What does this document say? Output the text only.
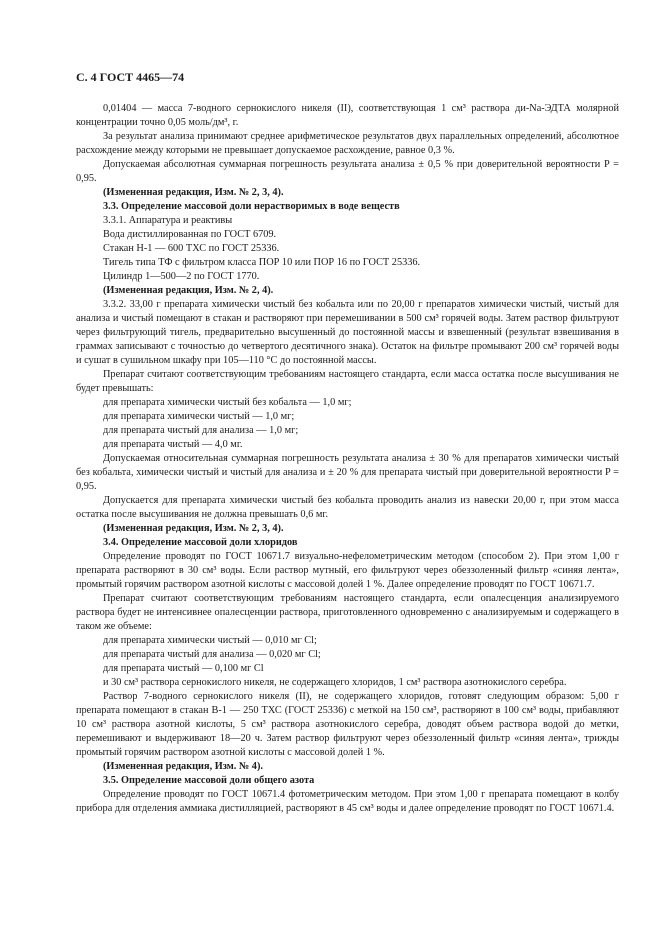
С. 4 ГОСТ 4465—74

0,01404 — масса 7-водного сернокислого никеля (II), соответствующая 1 см³ раствора ди-Na-ЭДТА молярной концентрации точно 0,05 моль/дм³, г.

За результат анализа принимают среднее арифметическое результатов двух параллельных определений, абсолютное расхождение между которыми не превышает допускаемое расхождение, равное 0,3 %.

Допускаемая абсолютная суммарная погрешность результата анализа ± 0,5 % при доверительной вероятности P = 0,95.

(Измененная редакция, Изм. № 2, 3, 4).

3.3. Определение массовой доли нерастворимых в воде веществ

3.3.1. Аппаратура и реактивы

Вода дистиллированная по ГОСТ 6709.

Стакан Н-1 — 600 ТХС по ГОСТ 25336.

Тигель типа ТФ с фильтром класса ПОР 10 или ПОР 16 по ГОСТ 25336.

Цилиндр 1—500—2 по ГОСТ 1770.

(Измененная редакция, Изм. № 2, 4).

3.3.2. 33,00 г препарата химически чистый без кобальта или по 20,00 г препаратов химически чистый, чистый для анализа и чистый помещают в стакан и растворяют при перемешивании в 500 см³ горячей воды. Затем раствор фильтруют через фильтрующий тигель, предварительно высушенный до постоянной массы и взвешенный (результат взвешивания в граммах записывают с точностью до четвертого десятичного знака). Остаток на фильтре промывают 200 см³ горячей воды и сушат в сушильном шкафу при 105—110 °С до постоянной массы.

Препарат считают соответствующим требованиям настоящего стандарта, если масса остатка после высушивания не будет превышать:

для препарата химически чистый без кобальта — 1,0 мг;

для препарата химически чистый — 1,0 мг;

для препарата чистый для анализа — 1,0 мг;

для препарата чистый — 4,0 мг.

Допускаемая относительная суммарная погрешность результата анализа ± 30 % для препаратов химически чистый без кобальта, химически чистый и чистый для анализа и ± 20 % для препарата чистый при доверительной вероятности P = 0,95.

Допускается для препарата химически чистый без кобальта проводить анализ из навески 20,00 г, при этом масса остатка после высушивания не должна превышать 0,6 мг.

(Измененная редакция, Изм. № 2, 3, 4).

3.4. Определение массовой доли хлоридов

Определение проводят по ГОСТ 10671.7 визуально-нефелометрическим методом (способом 2). При этом 1,00 г препарата растворяют в 30 см³ воды. Если раствор мутный, его фильтруют через обеззоленный фильтр «синяя лента», промытый горячим раствором азотной кислоты с массовой долей 1 %. Далее определение проводят по ГОСТ 10671.7.

Препарат считают соответствующим требованиям настоящего стандарта, если опалесценция анализируемого раствора будет не интенсивнее опалесценции раствора, приготовленного одновременно с анализируемым и содержащего в таком же объеме:

для препарата химически чистый — 0,010 мг Cl;

для препарата чистый для анализа — 0,020 мг Cl;

для препарата чистый — 0,100 мг Cl

и 30 см³ раствора сернокислого никеля, не содержащего хлоридов, 1 см³ раствора азотнокислого серебра.

Раствор 7-водного сернокислого никеля (II), не содержащего хлоридов, готовят следующим образом: 5,00 г препарата помещают в стакан В-1 — 250 ТХС (ГОСТ 25336) с меткой на 150 см³, растворяют в 100 см³ воды, прибавляют 10 см³ раствора азотной кислоты, 5 см³ раствора азотнокислого серебра, доводят объем раствора водой до метки, перемешивают и выдерживают 18—20 ч. Затем раствор фильтруют через обеззоленный фильтр «синяя лента», трижды промытый горячим раствором азотной кислоты с массовой долей 1 %.

(Измененная редакция, Изм. № 4).

3.5. Определение массовой доли общего азота

Определение проводят по ГОСТ 10671.4 фотометрическим методом. При этом 1,00 г препарата помещают в колбу прибора для отделения аммиака дистилляцией, растворяют в 45 см³ воды и далее определение проводят по ГОСТ 10671.4.
